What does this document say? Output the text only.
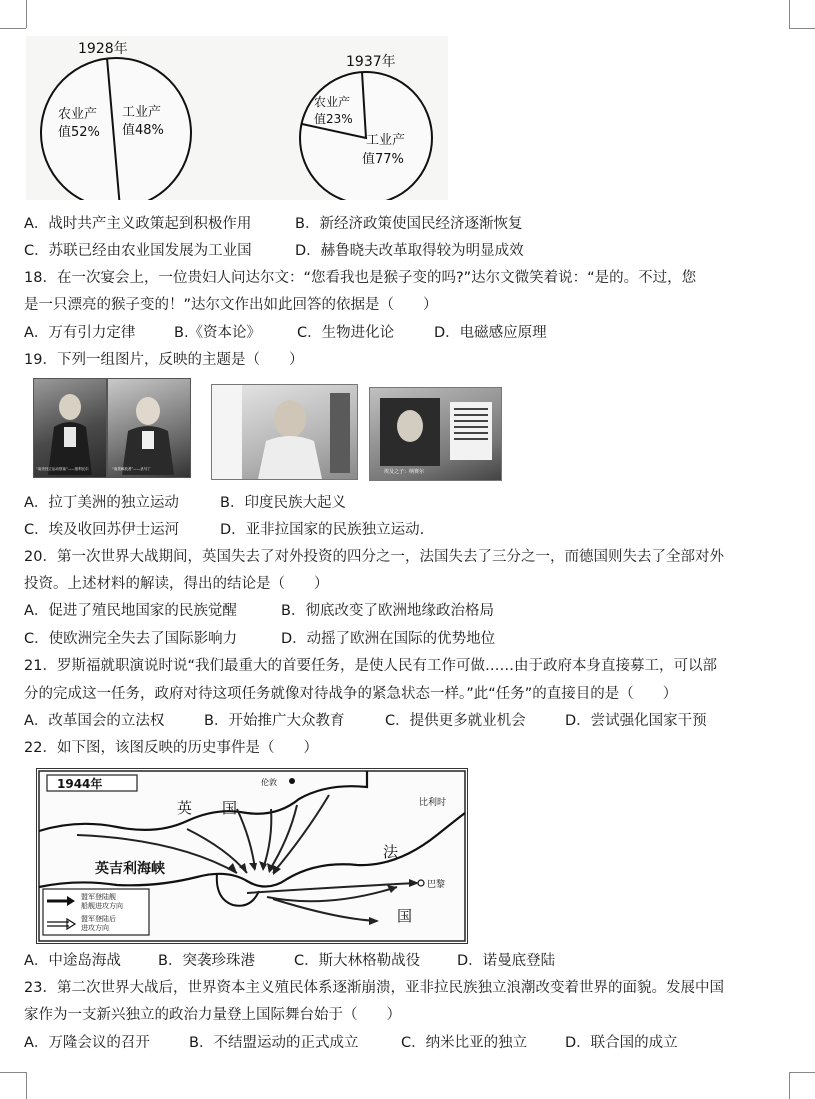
1928年
农业产
值52%
工业产
值48%
1937年
农业产
值23%
工业产
值77%
A．战时共产主义政策起到积极作用	B．新经济政策使国民经济逐渐恢复
C．苏联已经由农业国发展为工业国	D．赫鲁晓夫改革取得较为明显成效
18．在一次宴会上，一位贵妇人问达尔文：“您看我也是猴子变的吗?”达尔文微笑着说：“是的。不过，您
是一只漂亮的猴子变的！”达尔文作出如此回答的依据是（　　）
A．万有引力定律	B.《资本论》 C．生物进化论	D．电磁感应原理
19．下列一组图片，反映的主题是（　　）
“南美独立运动领袖”——玻利瓦尔	“南美解放者”——圣马丁	埃及之子：纳赛尔
A．拉丁美洲的独立运动	B．印度民族大起义
C．埃及收回苏伊士运河	D．亚非拉国家的民族独立运动.
20．第一次世界大战期间，英国失去了对外投资的四分之一，法国失去了三分之一，而德国则失去了全部对外
投资。上述材料的解读，得出的结论是（　　）
A．促进了殖民地国家的民族觉醒	B．彻底改变了欧洲地缘政治格局
C．使欧洲完全失去了国际影响力	D．动摇了欧洲在国际的优势地位
21．罗斯福就职演说时说“我们最重大的首要任务，是使人民有工作可做……由于政府本身直接募工，可以部
分的完成这一任务，政府对待这项任务就像对待战争的紧急状态一样。”此“任务”的直接目的是（　　）
A．改革国会的立法权	B．开始推广大众教育	C．提供更多就业机会	D．尝试强化国家干预
22．如下图，该图反映的历史事件是（　　）
1944年
英　　国
伦敦
比利时
英吉利海峡
法
国
巴黎
盟军登陆舰
船舰进攻方向
盟军登陆后
进攻方向
A．中途岛海战	B．突袭珍珠港	C．斯大林格勒战役	D．诺曼底登陆
23．第二次世界大战后，世界资本主义殖民体系逐渐崩溃，亚非拉民族独立浪潮改变着世界的面貌。发展中国
家作为一支新兴独立的政治力量登上国际舞台始于（　　）
A．万隆会议的召开	B．不结盟运动的正式成立	C．纳米比亚的独立	D．联合国的成立
